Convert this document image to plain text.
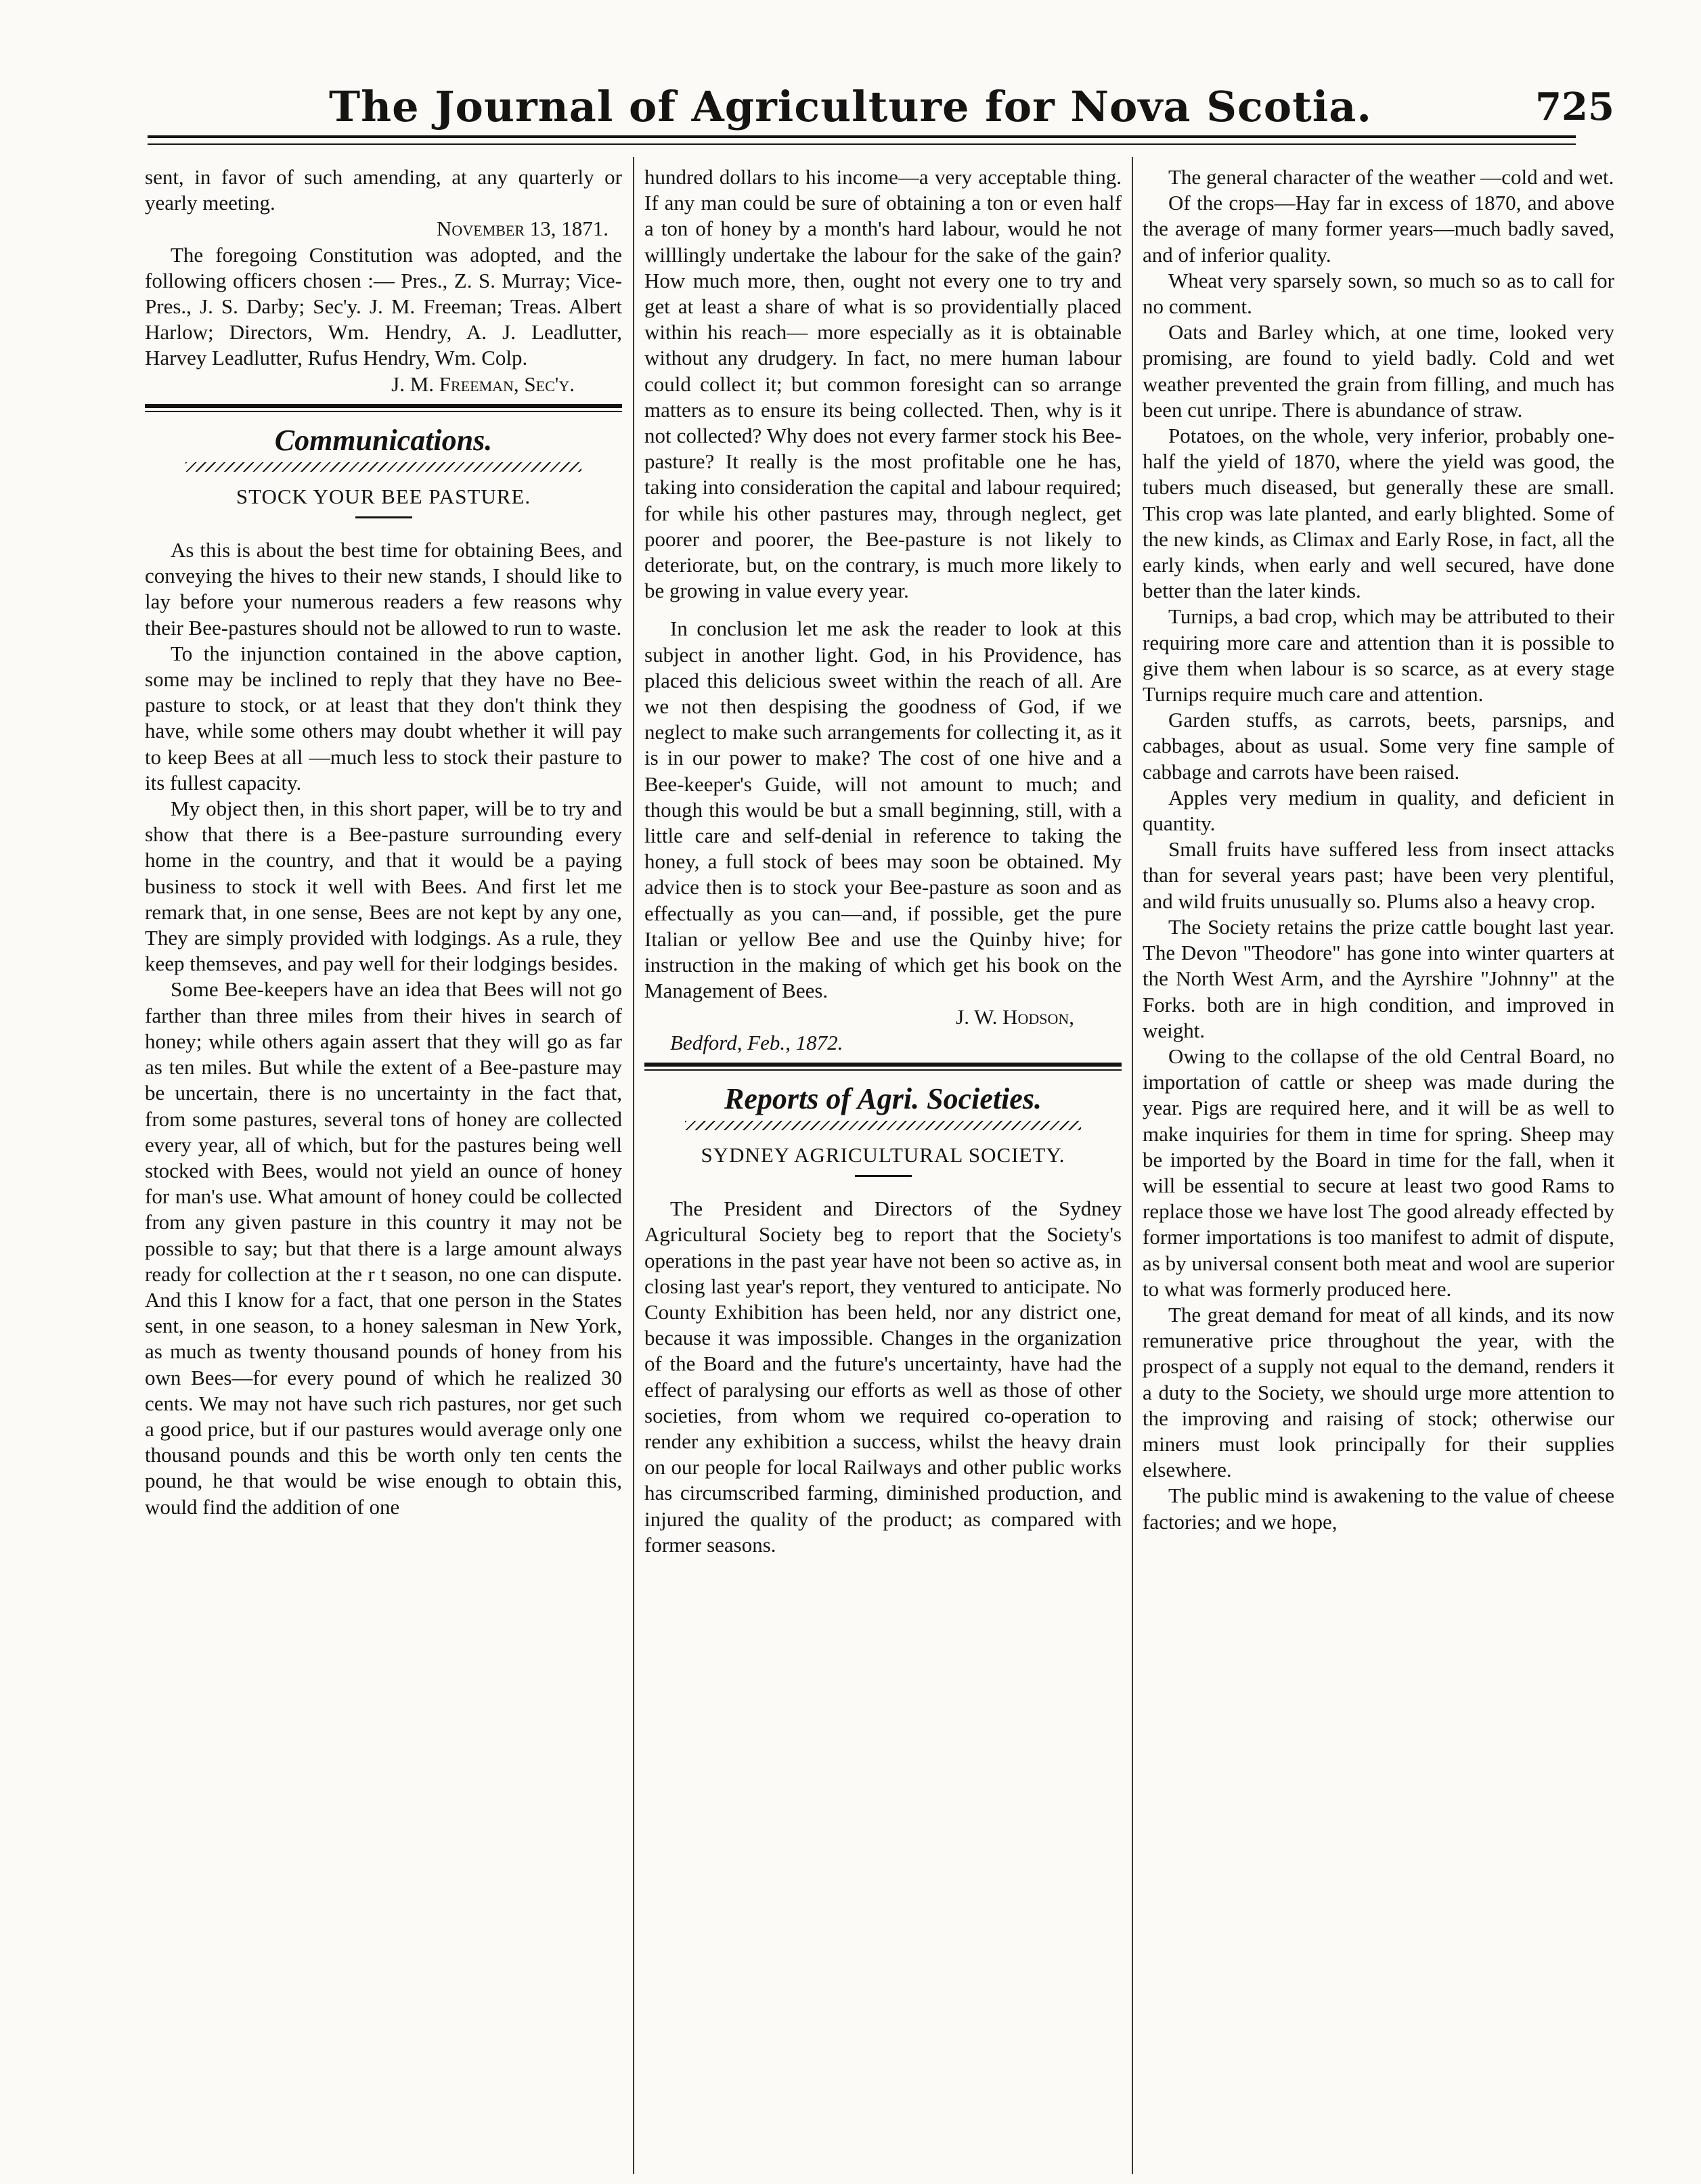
The Journal of Agriculture for Nova Scotia.	725

sent, in favor of such amending, at any quarterly or yearly meeting.

November 13, 1871.

The foregoing Constitution was adopted, and the following officers chosen :— Pres., Z. S. Murray; Vice-Pres., J. S. Darby; Sec'y. J. M. Freeman; Treas. Albert Harlow; Directors, Wm. Hendry, A. J. Leadlutter, Harvey Leadlutter, Rufus Hendry, Wm. Colp.

J. M. Freeman, Sec'y.

Communications.
STOCK YOUR BEE PASTURE.

As this is about the best time for obtaining Bees, and conveying the hives to their new stands, I should like to lay before your numerous readers a few reasons why their Bee-pastures should not be allowed to run to waste.

To the injunction contained in the above caption, some may be inclined to reply that they have no Bee-pasture to stock, or at least that they don't think they have, while some others may doubt whether it will pay to keep Bees at all —much less to stock their pasture to its fullest capacity.

My object then, in this short paper, will be to try and show that there is a Bee-pasture surrounding every home in the country, and that it would be a paying business to stock it well with Bees. And first let me remark that, in one sense, Bees are not kept by any one, They are simply provided with lodgings. As a rule, they keep themseves, and pay well for their lodgings besides.

Some Bee-keepers have an idea that Bees will not go farther than three miles from their hives in search of honey; while others again assert that they will go as far as ten miles. But while the extent of a Bee-pasture may be uncertain, there is no uncertainty in the fact that, from some pastures, several tons of honey are collected every year, all of which, but for the pastures being well stocked with Bees, would not yield an ounce of honey for man's use. What amount of honey could be collected from any given pasture in this country it may not be possible to say; but that there is a large amount always ready for collection at the r t season, no one can dispute. And this I know for a fact, that one person in the States sent, in one season, to a honey salesman in New York, as much as twenty thousand pounds of honey from his own Bees—for every pound of which he realized 30 cents. We may not have such rich pastures, nor get such a good price, but if our pastures would average only one thousand pounds and this be worth only ten cents the pound, he that would be wise enough to obtain this, would find the addition of one

hundred dollars to his income—a very acceptable thing. If any man could be sure of obtaining a ton or even half a ton of honey by a month's hard labour, would he not willlingly undertake the labour for the sake of the gain? How much more, then, ought not every one to try and get at least a share of what is so providentially placed within his reach— more especially as it is obtainable without any drudgery. In fact, no mere human labour could collect it; but common foresight can so arrange matters as to ensure its being collected. Then, why is it not collected? Why does not every farmer stock his Bee-pasture? It really is the most profitable one he has, taking into consideration the capital and labour required; for while his other pastures may, through neglect, get poorer and poorer, the Bee-pasture is not likely to deteriorate, but, on the contrary, is much more likely to be growing in value every year.

In conclusion let me ask the reader to look at this subject in another light. God, in his Providence, has placed this delicious sweet within the reach of all. Are we not then despising the goodness of God, if we neglect to make such arrangements for collecting it, as it is in our power to make? The cost of one hive and a Bee-keeper's Guide, will not amount to much; and though this would be but a small beginning, still, with a little care and self-denial in reference to taking the honey, a full stock of bees may soon be obtained. My advice then is to stock your Bee-pasture as soon and as effectually as you can—and, if possible, get the pure Italian or yellow Bee and use the Quinby hive; for instruction in the making of which get his book on the Management of Bees.

J. W. Hodson,

Bedford, Feb., 1872.

Reports of Agri. Societies.
SYDNEY AGRICULTURAL SOCIETY.

The President and Directors of the Sydney Agricultural Society beg to report that the Society's operations in the past year have not been so active as, in closing last year's report, they ventured to anticipate. No County Exhibition has been held, nor any district one, because it was impossible. Changes in the organization of the Board and the future's uncertainty, have had the effect of paralysing our efforts as well as those of other societies, from whom we required co-operation to render any exhibition a success, whilst the heavy drain on our people for local Railways and other public works has circumscribed farming, diminished production, and injured the quality of the product; as compared with former seasons.

The general character of the weather —cold and wet.

Of the crops—Hay far in excess of 1870, and above the average of many former years—much badly saved, and of inferior quality.

Wheat very sparsely sown, so much so as to call for no comment.

Oats and Barley which, at one time, looked very promising, are found to yield badly. Cold and wet weather prevented the grain from filling, and much has been cut unripe. There is abundance of straw.

Potatoes, on the whole, very inferior, probably one-half the yield of 1870, where the yield was good, the tubers much diseased, but generally these are small. This crop was late planted, and early blighted. Some of the new kinds, as Climax and Early Rose, in fact, all the early kinds, when early and well secured, have done better than the later kinds.

Turnips, a bad crop, which may be attributed to their requiring more care and attention than it is possible to give them when labour is so scarce, as at every stage Turnips require much care and attention.

Garden stuffs, as carrots, beets, parsnips, and cabbages, about as usual. Some very fine sample of cabbage and carrots have been raised.

Apples very medium in quality, and deficient in quantity.

Small fruits have suffered less from insect attacks than for several years past; have been very plentiful, and wild fruits unusually so. Plums also a heavy crop.

The Society retains the prize cattle bought last year. The Devon "Theodore" has gone into winter quarters at the North West Arm, and the Ayrshire "Johnny" at the Forks. both are in high condition, and improved in weight.

Owing to the collapse of the old Central Board, no importation of cattle or sheep was made during the year. Pigs are required here, and it will be as well to make inquiries for them in time for spring. Sheep may be imported by the Board in time for the fall, when it will be essential to secure at least two good Rams to replace those we have lost The good already effected by former importations is too manifest to admit of dispute, as by universal consent both meat and wool are superior to what was formerly produced here.

The great demand for meat of all kinds, and its now remunerative price throughout the year, with the prospect of a supply not equal to the demand, renders it a duty to the Society, we should urge more attention to the improving and raising of stock; otherwise our miners must look principally for their supplies elsewhere.

The public mind is awakening to the value of cheese factories; and we hope,
